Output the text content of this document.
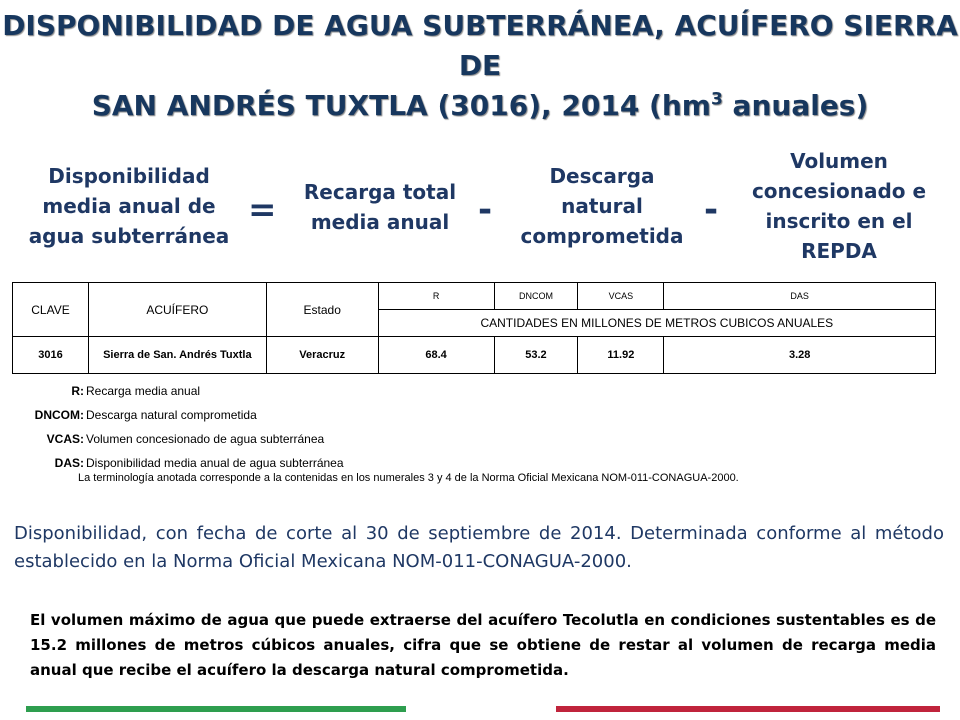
DISPONIBILIDAD DE AGUA SUBTERRÁNEA, ACUÍFERO SIERRA DE
SAN ANDRÉS TUXTLA (3016), 2014 ($hm^3$ anuales)
Disponibilidad media anual de agua subterránea
=	Recarga total media anual -
Descarga natural comprometida
-
Volumen concesionado e inscrito en el REPDA
CLAVE	ACUÍFERO	Estado	R	DNCOM	VCAS	DAS
			CANTIDADES EN MILLONES DE METROS CUBICOS ANUALES			
3016	Sierra de San. Andrés Tuxtla	Veracruz	68.4	53.2	11.92	3.28
R: Recarga media anual
DNCOM: Descarga natural comprometida
VCAS: Volumen concesionado de agua subterránea
DAS: Disponibilidad media anual de agua subterránea
La terminología anotada corresponde a la contenidas en los numerales 3 y 4 de la Norma Oficial Mexicana NOM-011-CONAGUA-2000.
Disponibilidad, con fecha de corte al 30 de septiembre de 2014. Determinada conforme al método establecido en la Norma Oficial Mexicana NOM-011-CONAGUA-2000.
El volumen máximo de agua que puede extraerse del acuífero Tecolutla en condiciones sustentables es de 15.2 millones de metros cúbicos anuales, cifra que se obtiene de restar al volumen de recarga media anual que recibe el acuífero la descarga natural comprometida.
